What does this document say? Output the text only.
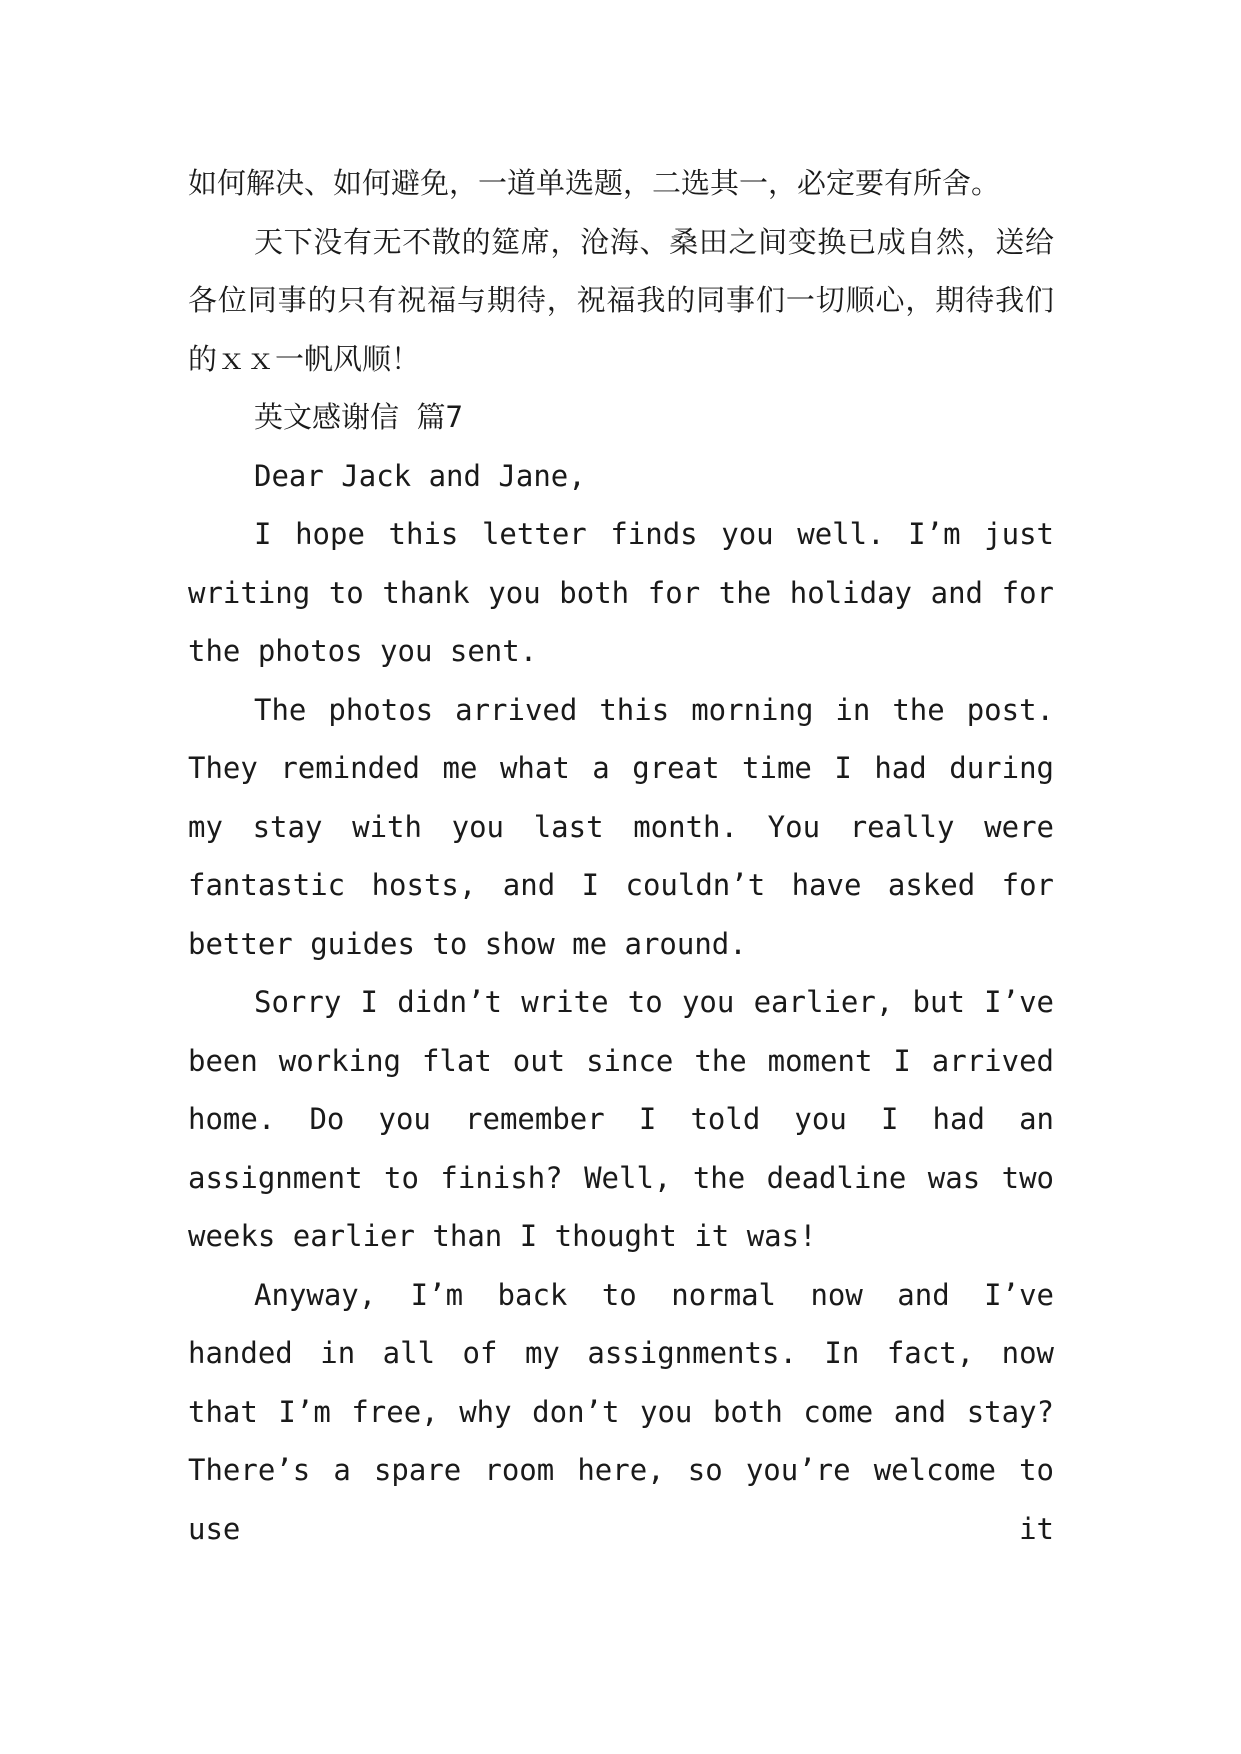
如何解决、如何避免，一道单选题，二选其一，必定要有所舍。

天下没有无不散的筵席，沧海、桑田之间变换已成自然，送给各位同事的只有祝福与期待，祝福我的同事们一切顺心，期待我们的ｘｘ一帆风顺！

英文感谢信 篇7

Dear Jack and Jane,

I hope this letter finds you well. I’m just writing to thank you both for the holiday and for the photos you sent.

The photos arrived this morning in the post. They reminded me what a great time I had during my stay with you last month. You really were fantastic hosts, and I couldn’t have asked for better guides to show me around.

Sorry I didn’t write to you earlier, but I’ve been working flat out since the moment I arrived home. Do you remember I told you I had an assignment to finish? Well, the deadline was two weeks earlier than I thought it was!

Anyway, I’m back to normal now and I’ve handed in all of my assignments. In fact, now that I’m free, why don’t you both come and stay? There’s a spare room here, so you’re welcome to use it
